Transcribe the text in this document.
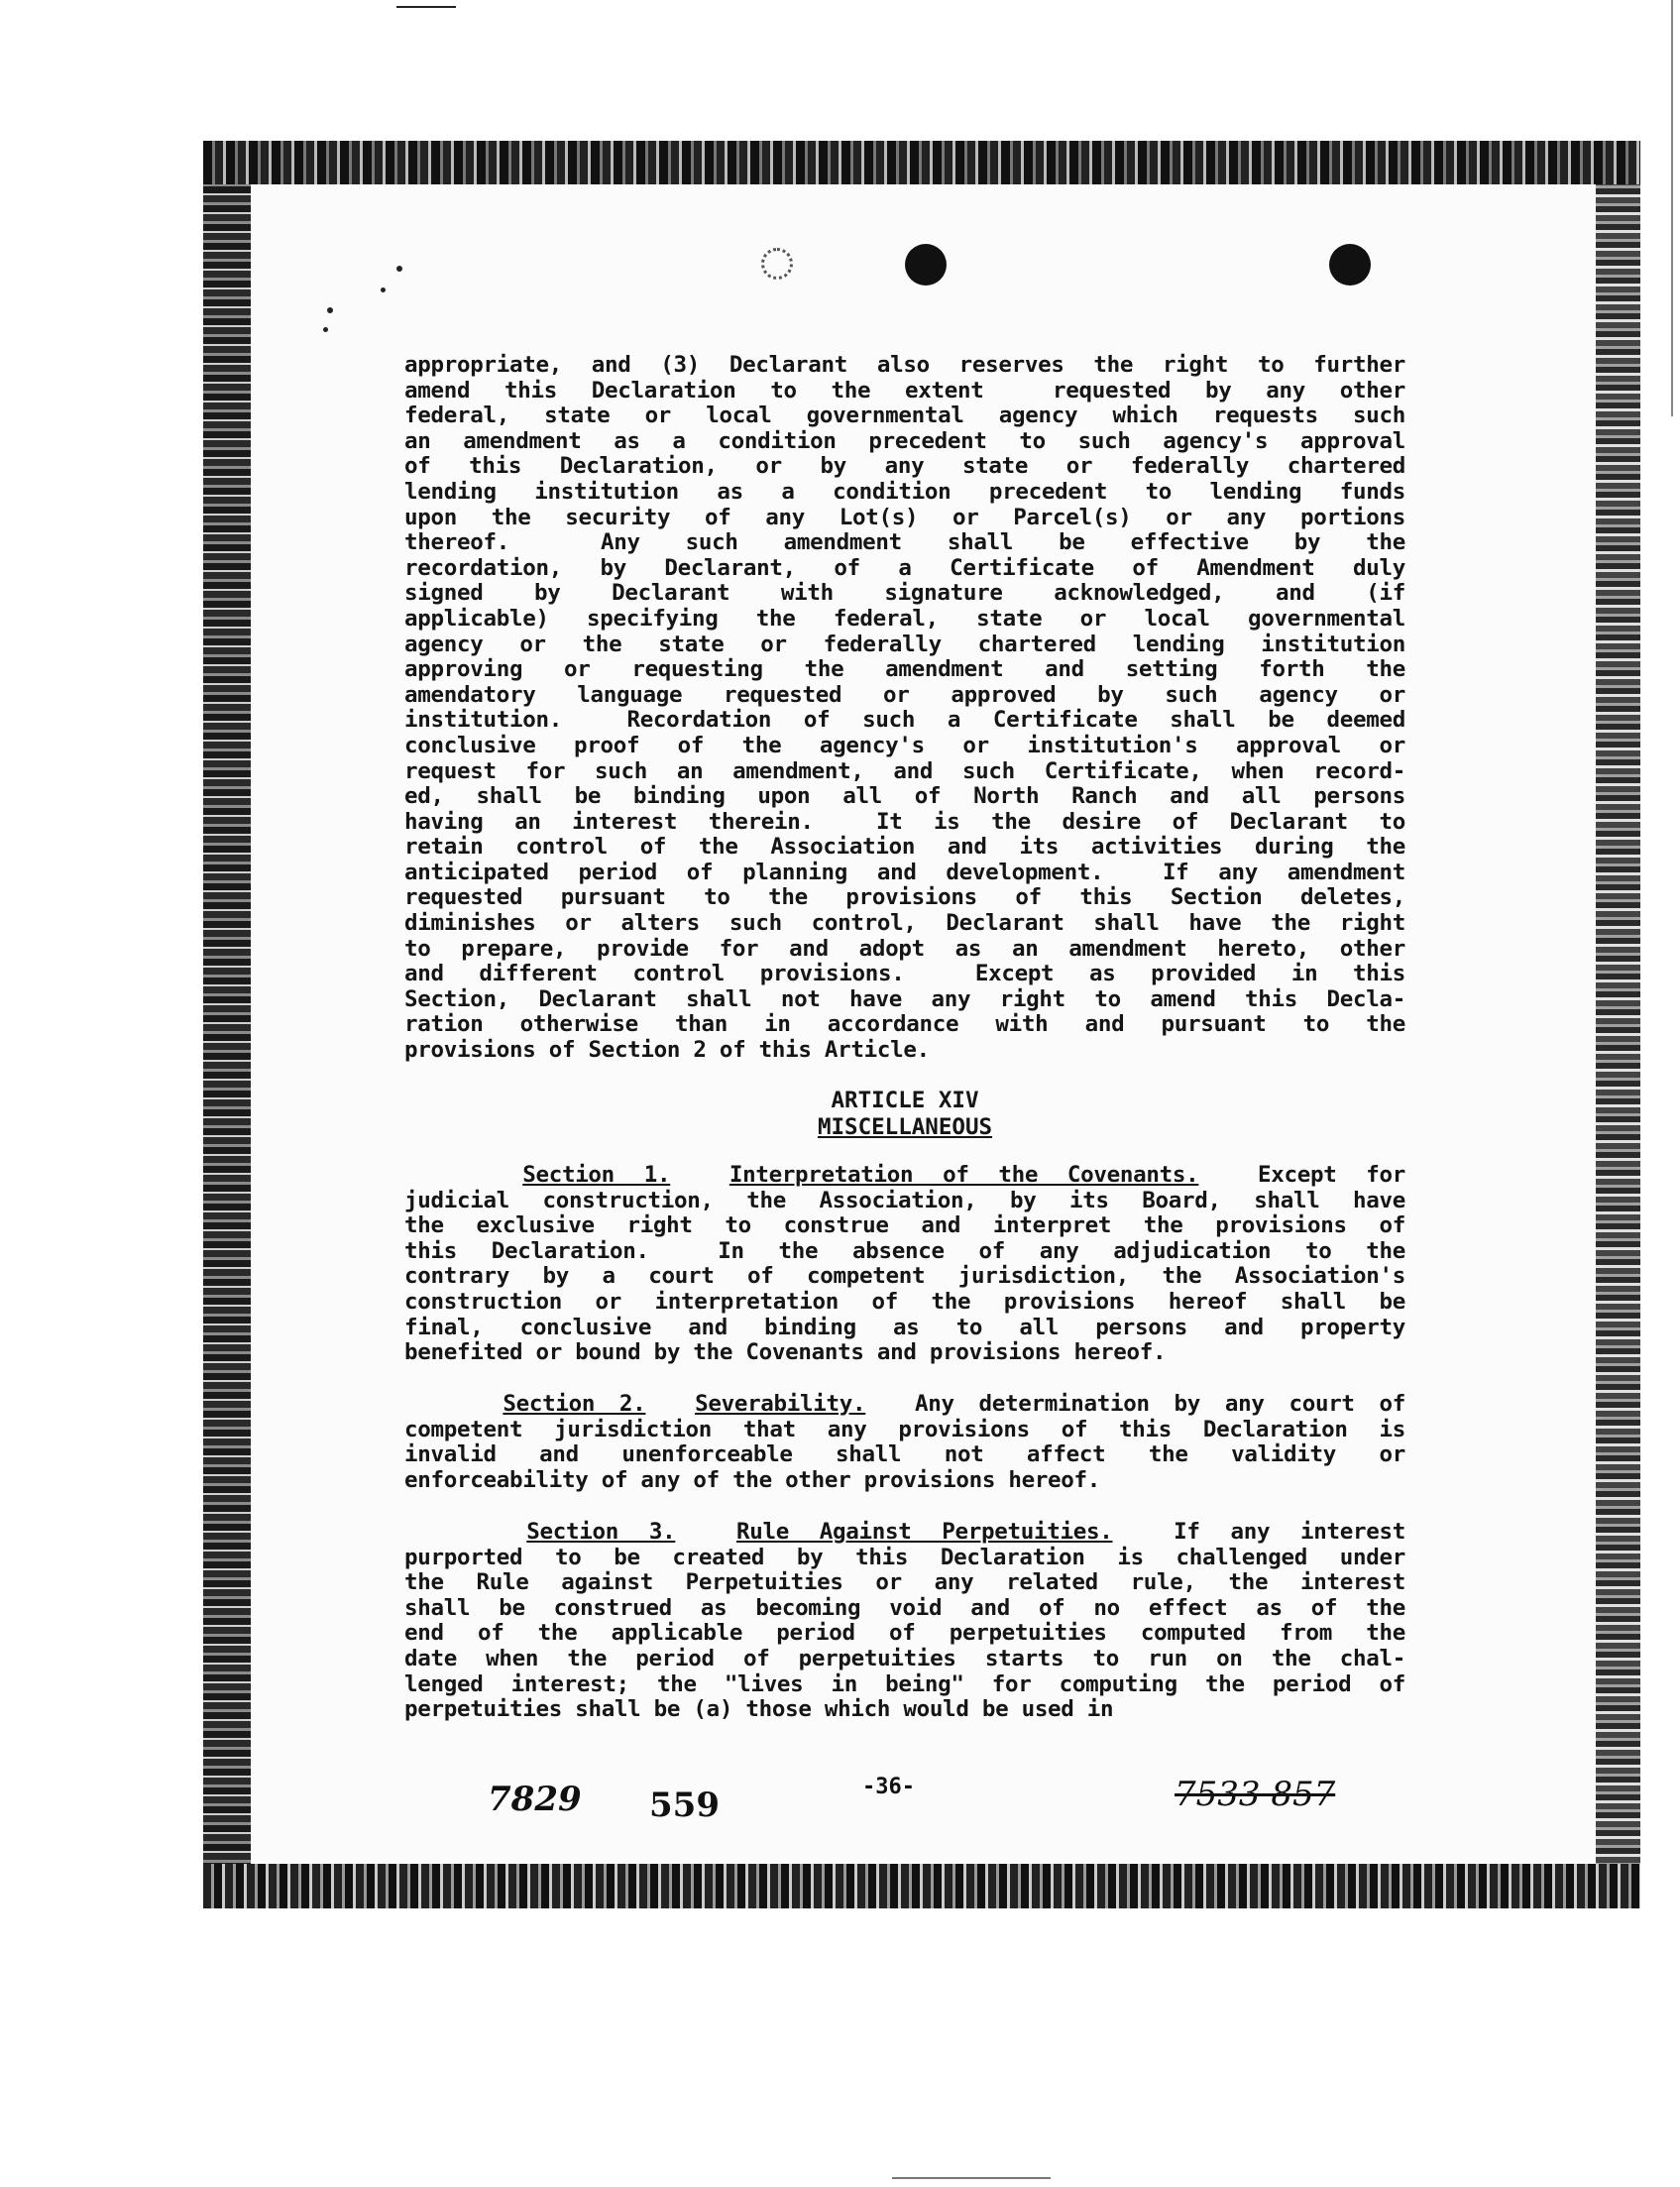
appropriate, and (3) Declarant also reserves the right to further
amend this Declaration to the extent  requested by any other
federal, state or local governmental agency which requests such
an amendment as a condition precedent to such agency's approval
of this Declaration, or by any state or federally chartered
lending institution as a condition precedent to lending funds
upon the security of any Lot(s) or Parcel(s) or any portions
thereof.  Any such amendment shall be effective by the
recordation, by Declarant, of a Certificate of Amendment duly
signed by Declarant with signature acknowledged, and (if
applicable) specifying the federal, state or local governmental
agency or the state or federally chartered lending institution
approving or requesting the amendment and setting forth the
amendatory language requested or approved by such agency or
institution.  Recordation of such a Certificate shall be deemed
conclusive proof of the agency's or institution's approval or
request for such an amendment, and such Certificate, when record-
ed, shall be binding upon all of North Ranch and all persons
having an interest therein.  It is the desire of Declarant to
retain control of the Association and its activities during the
anticipated period of planning and development.  If any amendment
requested pursuant to the provisions of this Section deletes,
diminishes or alters such control, Declarant shall have the right
to prepare, provide for and adopt as an amendment hereto, other
and different control provisions.  Except as provided in this
Section, Declarant shall not have any right to amend this Decla-
ration otherwise than in accordance with and pursuant to the
provisions of Section 2 of this Article.
ARTICLE XIV
MISCELLANEOUS
Section 1.	Interpretation of the Covenants.	Except for
judicial construction, the Association, by its Board, shall have
the exclusive right to construe and interpret the provisions of
this Declaration.  In the absence of any adjudication to the
contrary by a court of competent jurisdiction, the Association's
construction or interpretation of the provisions hereof shall be
final, conclusive and binding as to all persons and property
benefited or bound by the Covenants and provisions hereof.
Section 2. Severability. Any determination by any court of
competent jurisdiction that any provisions of this Declaration is
invalid and unenforceable shall not affect the validity or
enforceability of any of the other provisions hereof.
Section 3.	Rule Against Perpetuities.	If any interest
purported to be created by this Declaration is challenged under
the Rule against Perpetuities or any related rule, the interest
shall be construed as becoming void and of no effect as of the
end of the applicable period of perpetuities computed from the
date when the period of perpetuities starts to run on the chal-
lenged interest; the "lives in being" for computing the period of
perpetuities shall be (a) those which would be used in
7829 559	-36-	7533 857
